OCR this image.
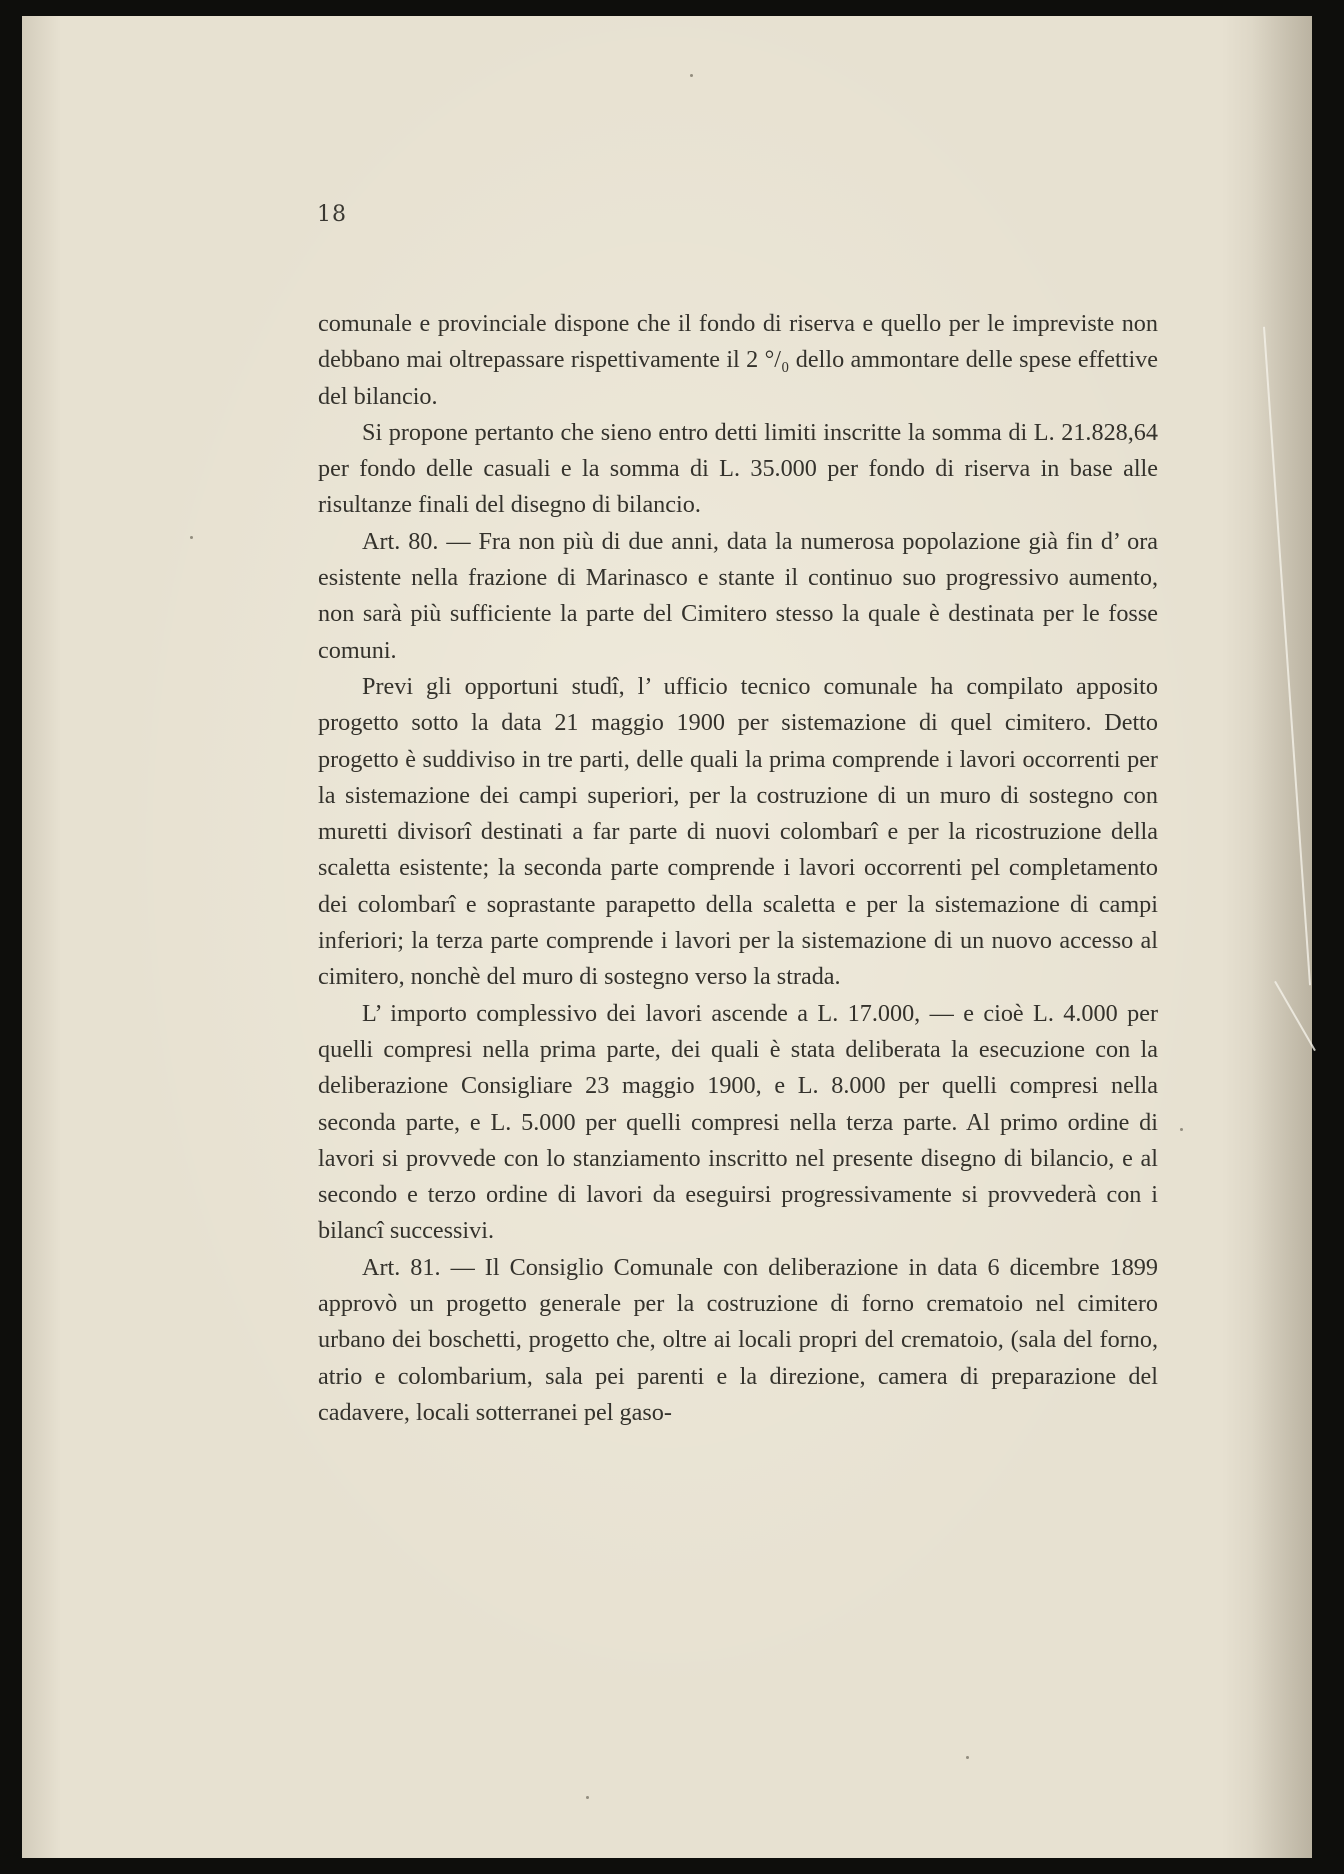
18

comunale e provinciale dispone che il fondo di riserva e quello per le impreviste non debbano mai oltrepassare rispettivamente il 2 °/₀ dello ammontare delle spese effettive del bilancio.

Si propone pertanto che sieno entro detti limiti inscritte la somma di L. 21.828,64 per fondo delle casuali e la somma di L. 35.000 per fondo di riserva in base alle risultanze finali del disegno di bilancio.

Art. 80. — Fra non più di due anni, data la numerosa popolazione già fin d’ ora esistente nella frazione di Marinasco e stante il continuo suo progressivo aumento, non sarà più sufficiente la parte del Cimitero stesso la quale è destinata per le fosse comuni.

Previ gli opportuni studî, l’ ufficio tecnico comunale ha compilato apposito progetto sotto la data 21 maggio 1900 per sistemazione di quel cimitero. Detto progetto è suddiviso in tre parti, delle quali la prima comprende i lavori occorrenti per la sistemazione dei campi superiori, per la costruzione di un muro di sostegno con muretti divisorî destinati a far parte di nuovi colombarî e per la ricostruzione della scaletta esistente; la seconda parte comprende i lavori occorrenti pel completamento dei colombarî e soprastante parapetto della scaletta e per la sistemazione di campi inferiori; la terza parte comprende i lavori per la sistemazione di un nuovo accesso al cimitero, nonchè del muro di sostegno verso la strada.

L’ importo complessivo dei lavori ascende a L. 17.000, — e cioè L. 4.000 per quelli compresi nella prima parte, dei quali è stata deliberata la esecuzione con la deliberazione Consigliare 23 maggio 1900, e L. 8.000 per quelli compresi nella seconda parte, e L. 5.000 per quelli compresi nella terza parte. Al primo ordine di lavori si provvede con lo stanziamento inscritto nel presente disegno di bilancio, e al secondo e terzo ordine di lavori da eseguirsi progressivamente si provvederà con i bilancî successivi.

Art. 81. — Il Consiglio Comunale con deliberazione in data 6 dicembre 1899 approvò un progetto generale per la costruzione di forno crematoio nel cimitero urbano dei boschetti, progetto che, oltre ai locali propri del crematoio, (sala del forno, atrio e colombarium, sala pei parenti e la direzione, camera di preparazione del cadavere, locali sotterranei pel gaso-
